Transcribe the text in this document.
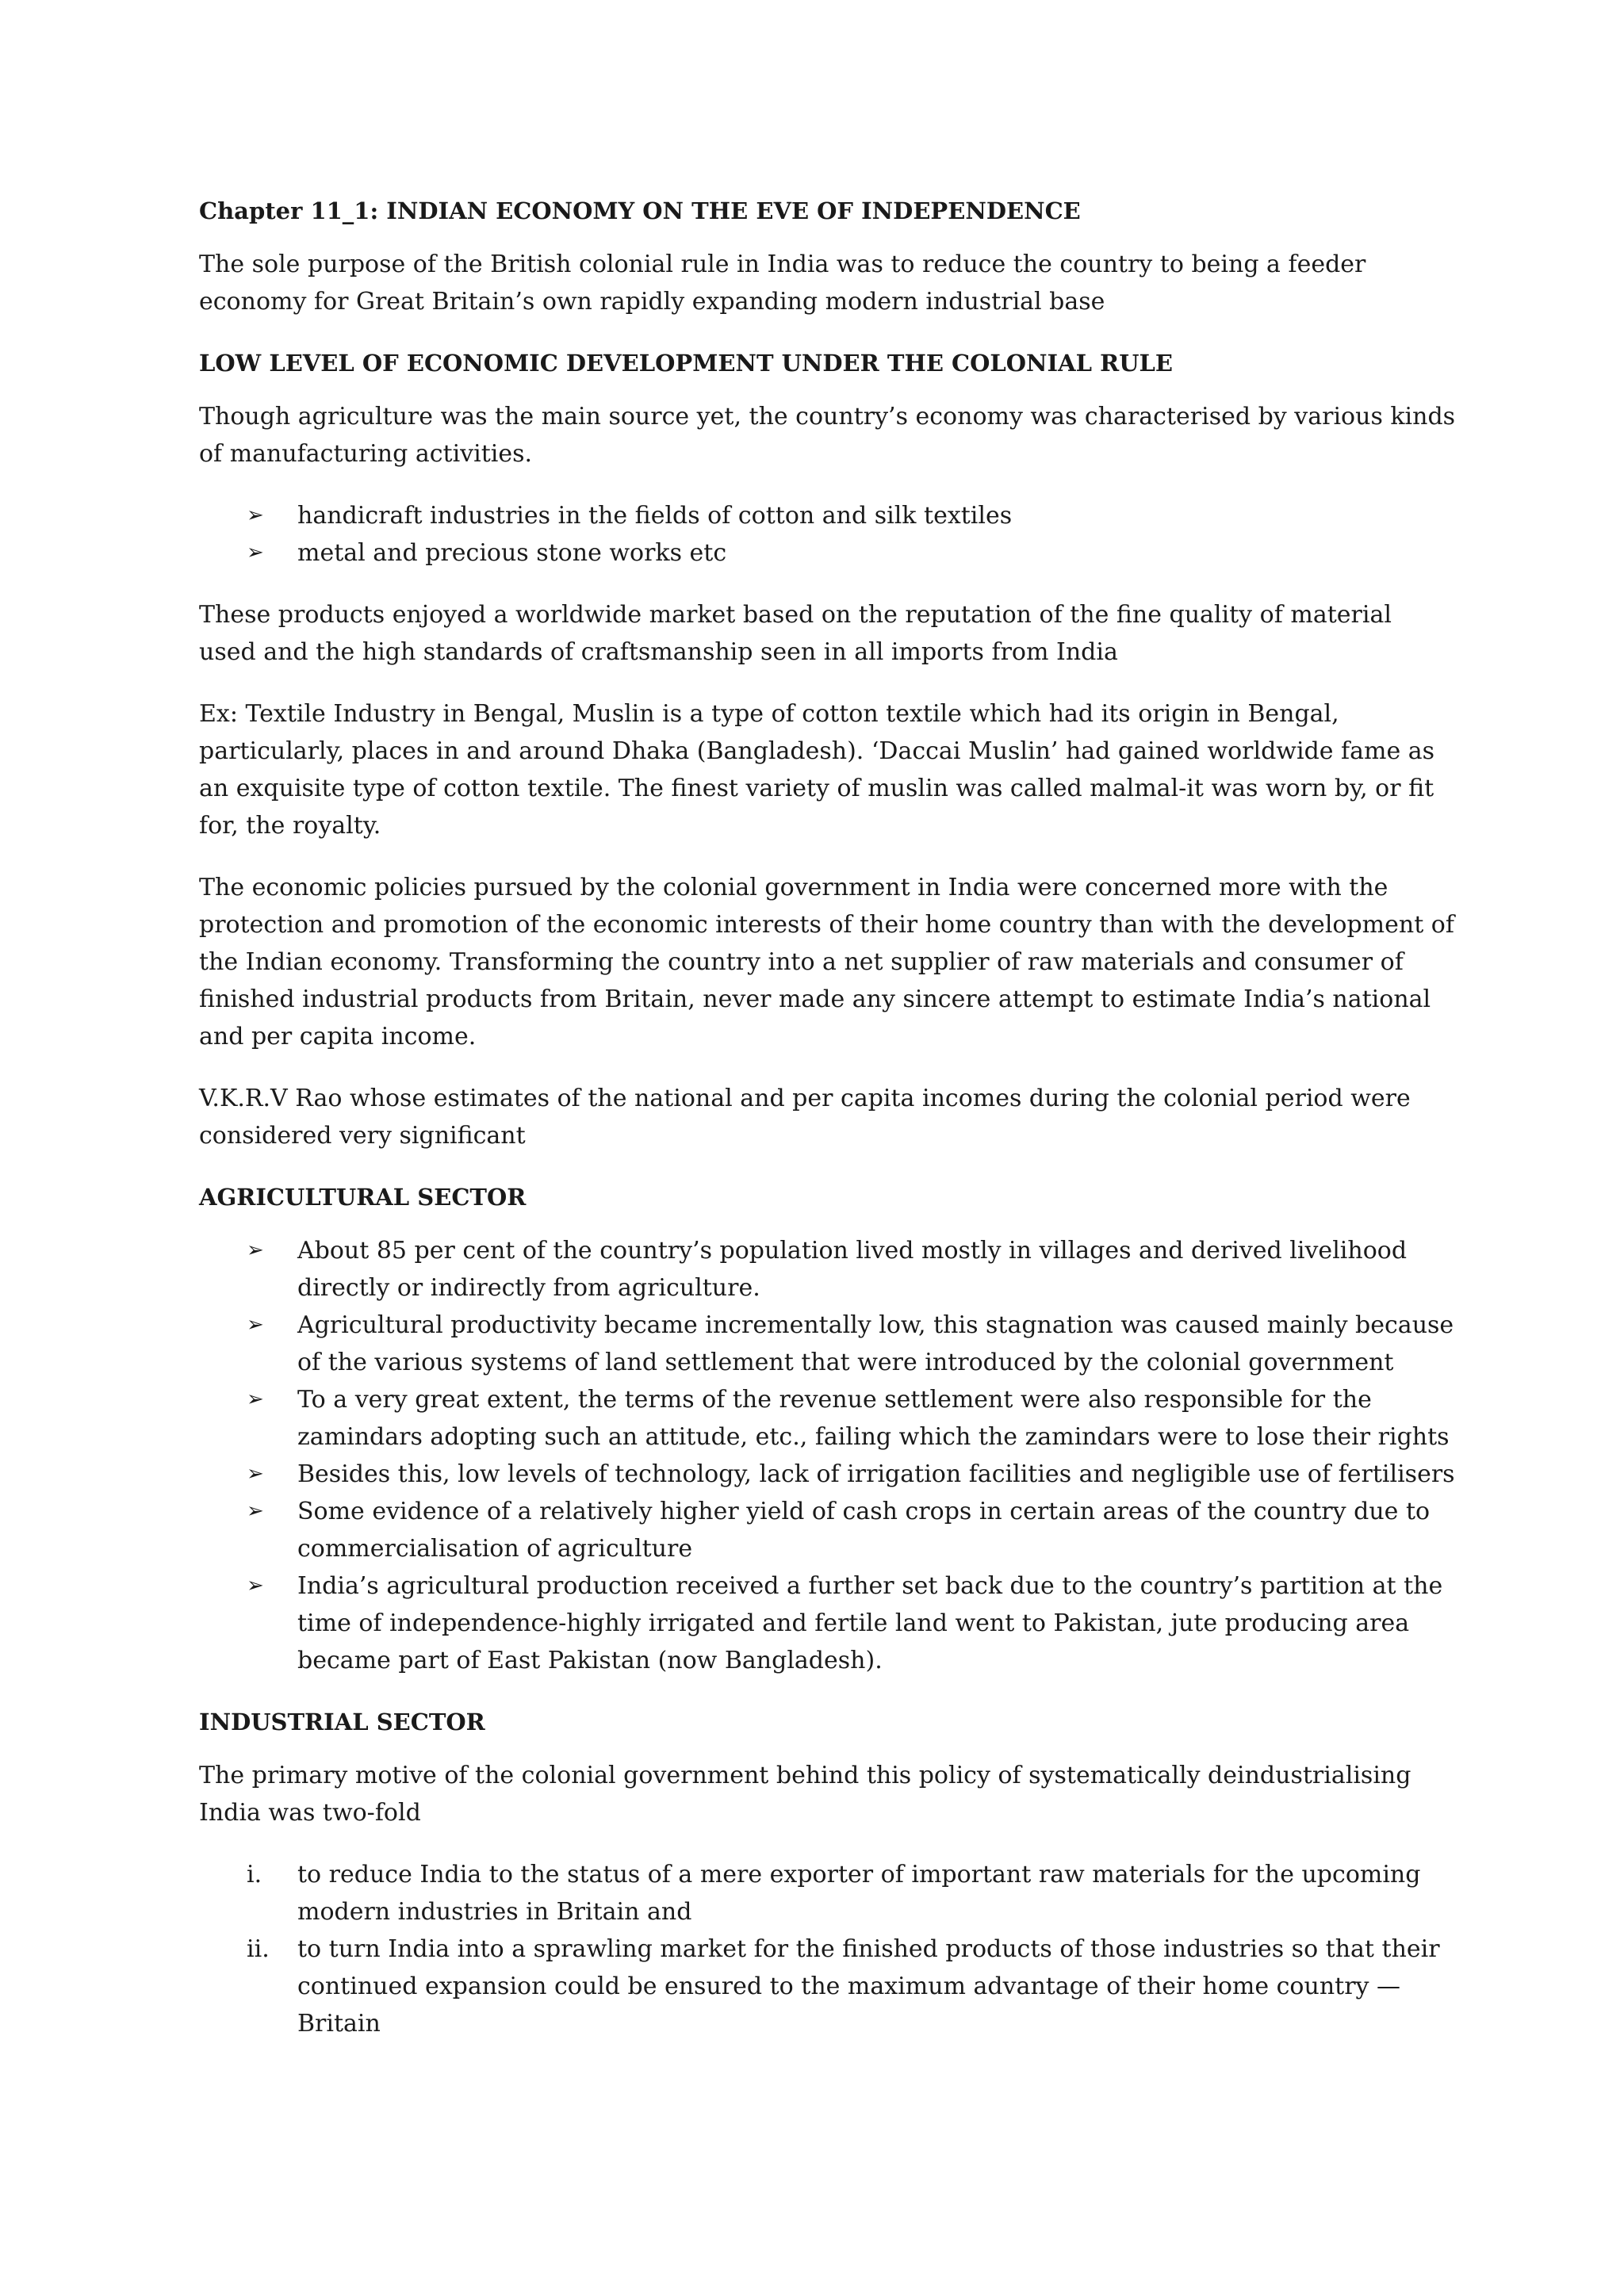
Chapter 11_1: INDIAN ECONOMY ON THE EVE OF INDEPENDENCE

The sole purpose of the British colonial rule in India was to reduce the country to being a feeder economy for Great Britain’s own rapidly expanding modern industrial base

LOW LEVEL OF ECONOMIC DEVELOPMENT UNDER THE COLONIAL RULE

Though agriculture was the main source yet, the country’s economy was characterised by various kinds of manufacturing activities.

➢ handicraft industries in the fields of cotton and silk textiles
➢ metal and precious stone works etc

These products enjoyed a worldwide market based on the reputation of the fine quality of material used and the high standards of craftsmanship seen in all imports from India

Ex: Textile Industry in Bengal, Muslin is a type of cotton textile which had its origin in Bengal, particularly, places in and around Dhaka (Bangladesh). ‘Daccai Muslin’ had gained worldwide fame as an exquisite type of cotton textile. The finest variety of muslin was called malmal-it was worn by, or fit for, the royalty.

The economic policies pursued by the colonial government in India were concerned more with the protection and promotion of the economic interests of their home country than with the development of the Indian economy. Transforming the country into a net supplier of raw materials and consumer of finished industrial products from Britain, never made any sincere attempt to estimate India’s national and per capita income.

V.K.R.V Rao whose estimates of the national and per capita incomes during the colonial period were considered very significant

AGRICULTURAL SECTOR
➢ About 85 per cent of the country’s population lived mostly in villages and derived livelihood directly or indirectly from agriculture.
➢ Agricultural productivity became incrementally low, this stagnation was caused mainly because of the various systems of land settlement that were introduced by the colonial government
➢ To a very great extent, the terms of the revenue settlement were also responsible for the zamindars adopting such an attitude, etc., failing which the zamindars were to lose their rights
➢ Besides this, low levels of technology, lack of irrigation facilities and negligible use of fertilisers
➢ Some evidence of a relatively higher yield of cash crops in certain areas of the country due to commercialisation of agriculture
➢ India’s agricultural production received a further set back due to the country’s partition at the time of independence-highly irrigated and fertile land went to Pakistan, jute producing area became part of East Pakistan (now Bangladesh).
INDUSTRIAL SECTOR

The primary motive of the colonial government behind this policy of systematically deindustrialising India was two-fold

i.	to reduce India to the status of a mere exporter of important raw materials for the upcoming modern industries in Britain and
ii.	to turn India into a sprawling market for the finished products of those industries so that their continued expansion could be ensured to the maximum advantage of their home country — Britain
